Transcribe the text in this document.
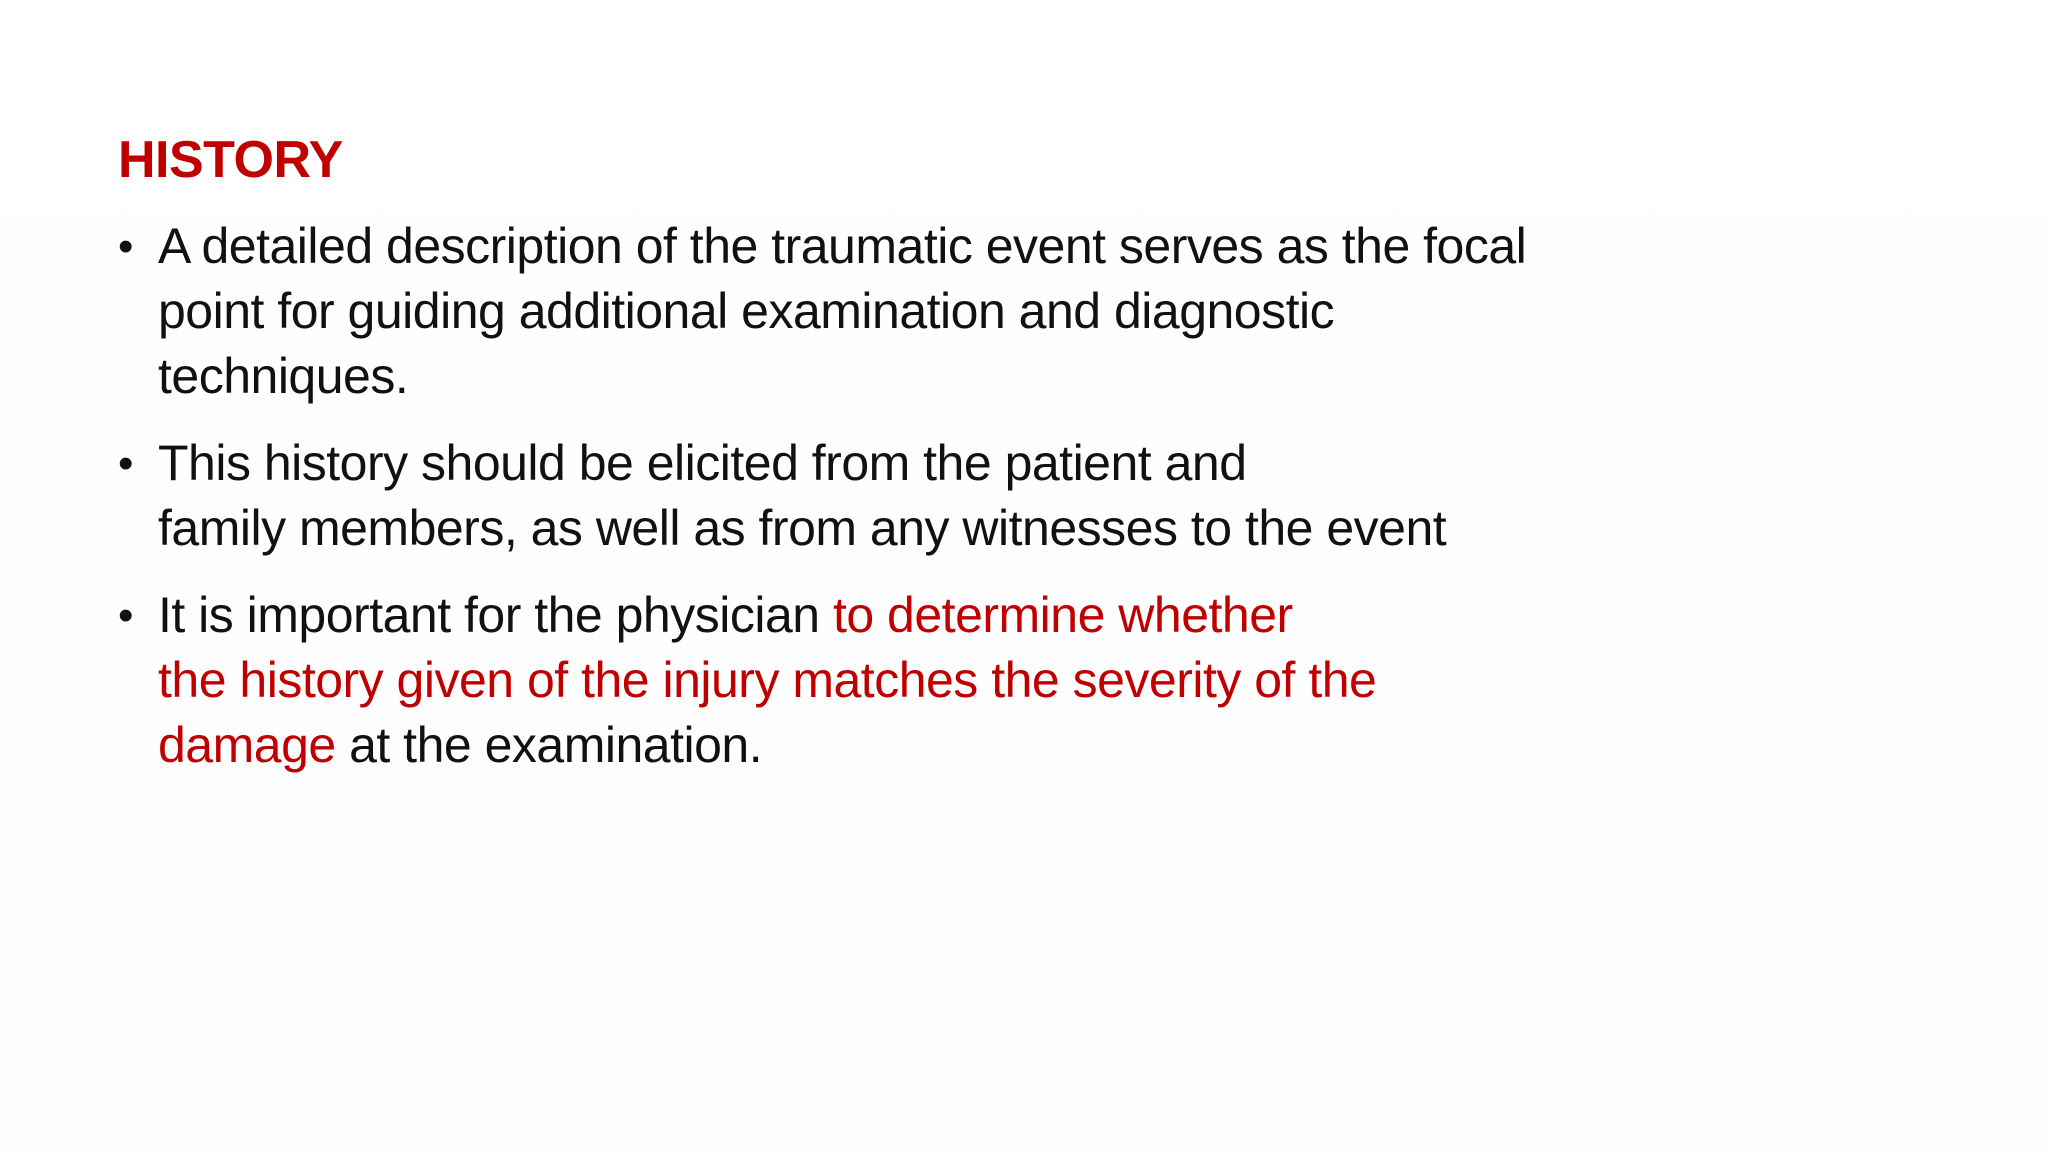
HISTORY
• A detailed description of the traumatic event serves as the focal
point for guiding additional examination and diagnostic
techniques.
• This history should be elicited from the patient and
family members, as well as from any witnesses to the event
• It is important for the physician to determine whether
the history given of the injury matches the severity of the
damage at the examination.
